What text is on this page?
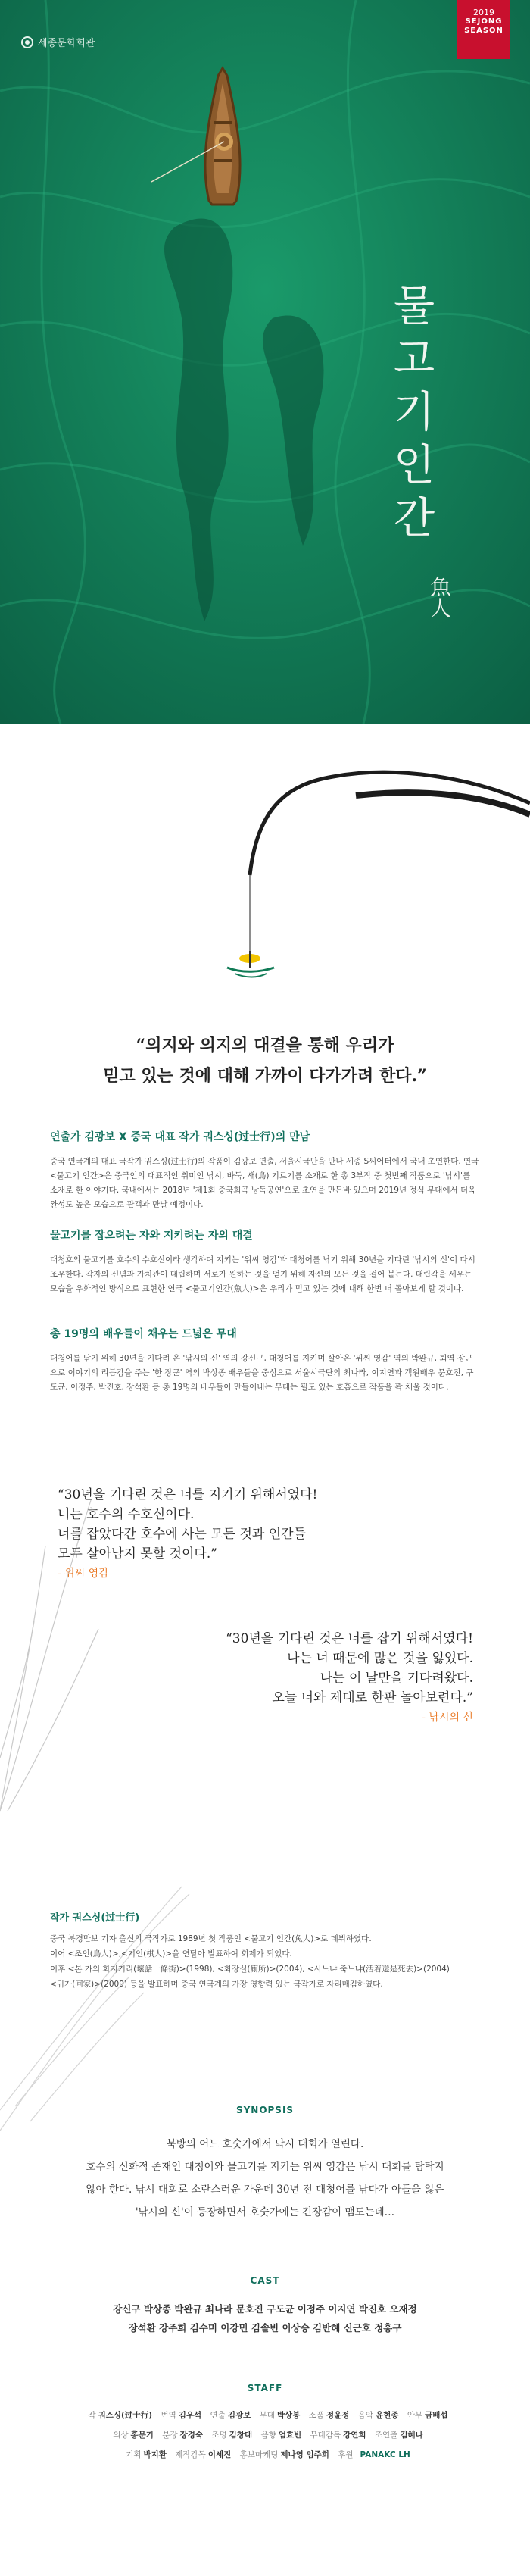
세종문화회관
2019
SEJONG
SEASON
물
고
기
인
간
魚人
“의지와 의지의 대결을 통해 우리가
믿고 있는 것에 대해 가까이 다가가려 한다.”
연출가 김광보 X 중국 대표 작가 궈스싱(过士行)의 만남

중국 연극계의 대표 극작가 궈스싱(过士行)의 작품이 김광보 연출, 서울시극단을 만나 세종 S씨어터에서 국내 초연한다. 연극 <물고기 인간>은 중국인의 대표적인 취미인 낚시, 바둑, 새(鳥) 기르기를 소재로 한 총 3부작 중 첫번째 작품으로 '낚시'를 소재로 한 이야기다. 국내에서는 2018년 '제1회 중국희곡 낭독공연'으로 초연을 만든바 있으며 2019년 정식 무대에서 더욱 완성도 높은 모습으로 관객과 만날 예정이다.

물고기를 잡으려는 자와 지키려는 자의 대결

대청호의 물고기를 호수의 수호신이라 생각하며 지키는 '위씨 영감'과 대청어를 낚기 위해 30년을 기다린 '낚시의 신'이 다시 조우한다. 각자의 신념과 가치관이 대립하며 서로가 원하는 것을 얻기 위해 자신의 모든 것을 걸어 붙는다. 대립각을 세우는 모습을 우화적인 방식으로 표현한 연극 <물고기인간(魚人)>은 우리가 믿고 있는 것에 대해 한번 더 돌아보게 할 것이다.

총 19명의 배우들이 채우는 드넓은 무대

대청어를 낚기 위해 30년을 기다려 온 '낚시의 신' 역의 강신구, 대청어를 지키며 살아온 '위씨 영감' 역의 박완규, 퇴역 장군으로 이야기의 리듬감을 주는 '한 장군' 역의 박상종 배우들을 중심으로 서울시극단의 최나라, 이지연과 객원배우 문호진, 구도균, 이정주, 박진호, 장석환 등 총 19명의 배우들이 만들어내는 무대는 필도 있는 호흡으로 작품을 꽉 채울 것이다.

“30년을 기다린 것은 너를 지키기 위해서였다!
너는 호수의 수호신이다.
너를 잡았다간 호수에 사는 모든 것과 인간들
모두 살아남지 못할 것이다.”
- 위씨 영감
“30년을 기다린 것은 너를 잡기 위해서였다!
나는 너 때문에 많은 것을 잃었다.
나는 이 날만을 기다려왔다.
오늘 너와 제대로 한판 놀아보련다.”
- 낚시의 신
작가 궈스싱(过士行)

중국 북경만보 기자 출신의 극작가로 1989년 첫 작품인 <물고기 인간(魚人)>로 데뷔하였다.

이어 <조인(鳥人)>,<기인(棋人)>을 연달아 발표하여 회제가 되었다.

이후 <본 가의 화지거리(壞話一條街)>(1998), <화장실(廁所)>(2004), <사느냐 죽느냐(活着還是死去)>(2004)

<귀가(回家)>(2009) 등을 발표하며 중국 연극계의 가장 영향력 있는 극작가로 자리매김하였다.

SYNOPSIS
북방의 어느 호숫가에서 낚시 대회가 열린다.
호수의 신화적 존재인 대청어와 물고기를 지키는 위씨 영감은 낚시 대회를 탐탁지
않아 한다. 낚시 대회로 소란스러운 가운데 30년 전 대청어를 낚다가 아들을 잃은
'낚시의 신'이 등장하면서 호숫가에는 긴장감이 맴도는데…
CAST
강신구 박상종 박완규 최나라 문호진 구도균 이정주 이지연 박진호 오재정
장석환 강주희 김수미 이강민 김솔빈 이상승 김반혜 신근호 정홍구
STAFF
작 궈스싱(过士行) 번역 김우석 연출 김광보 무대 박상봉 소품 정윤정 음악 윤현종 안무 금배섭
의상 홍문기 분장 장경숙 조명 김창태 음향 엄효빈 무대감독 강연희 조연출 김혜나
기획 박지환 제작감독 이세진 홍보마케팅 제나영 임주희 후원 PANAKC LH
